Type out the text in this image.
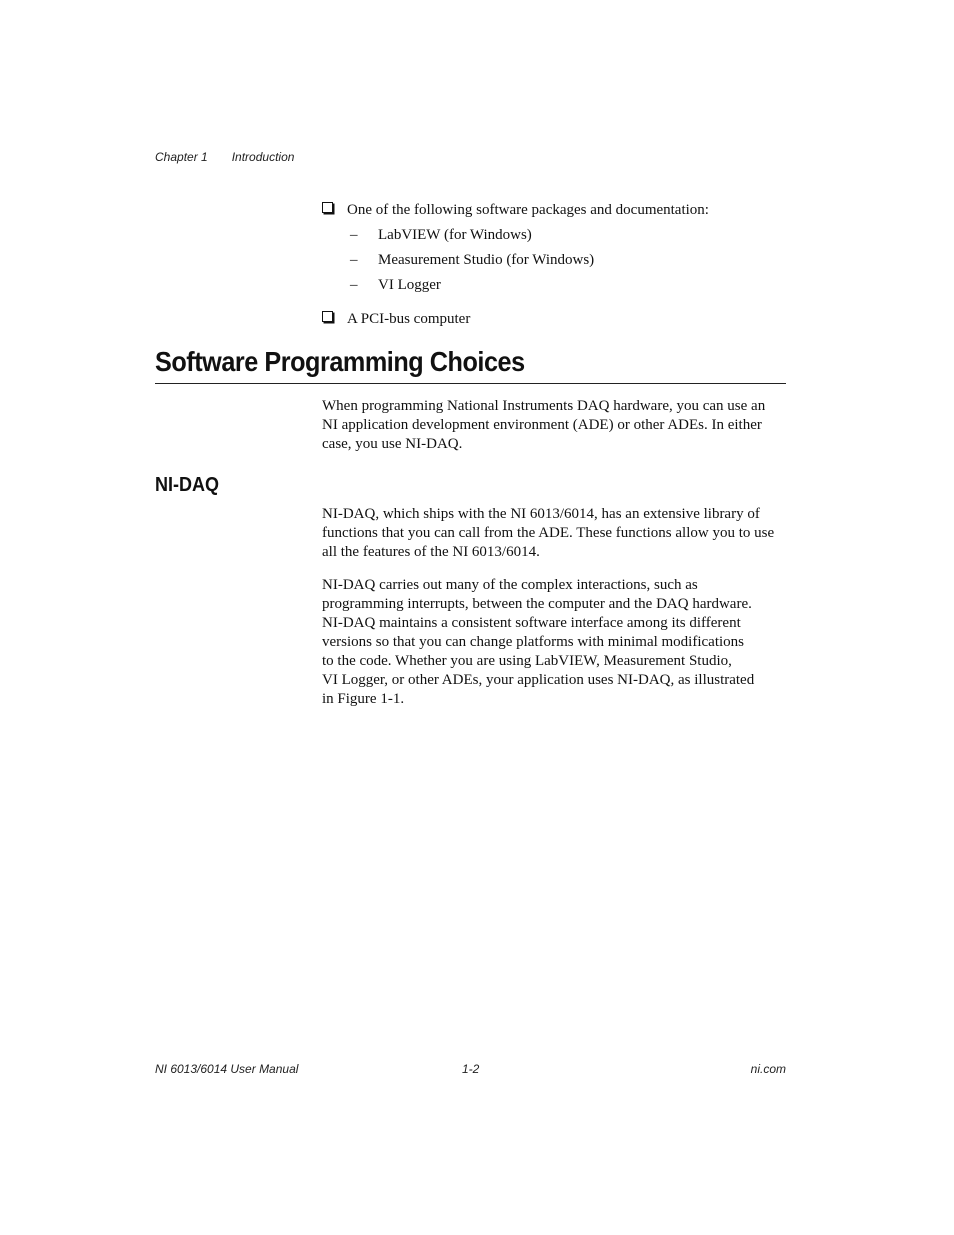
Chapter 1 Introduction
One of the following software packages and documentation:
– LabVIEW (for Windows)
– Measurement Studio (for Windows)
– VI Logger
A PCI-bus computer
Software Programming Choices

When programming National Instruments DAQ hardware, you can use an
NI application development environment (ADE) or other ADEs. In either
case, you use NI-DAQ.

NI-DAQ

NI-DAQ, which ships with the NI 6013/6014, has an extensive library of
functions that you can call from the ADE. These functions allow you to use
all the features of the NI 6013/6014.

NI-DAQ carries out many of the complex interactions, such as
programming interrupts, between the computer and the DAQ hardware.
NI-DAQ maintains a consistent software interface among its different
versions so that you can change platforms with minimal modifications
to the code. Whether you are using LabVIEW, Measurement Studio,
VI Logger, or other ADEs, your application uses NI-DAQ, as illustrated
in Figure 1-1.

NI 6013/6014 User Manual	1-2	ni.com
